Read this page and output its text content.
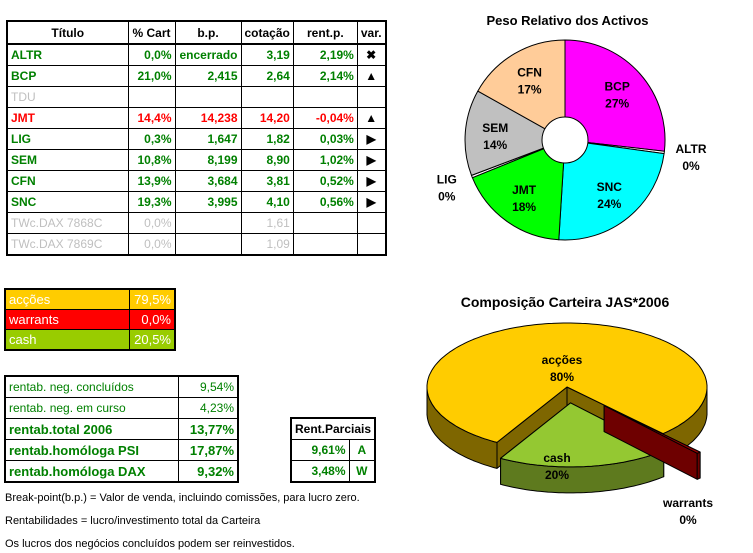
Título	% Cart	b.p.	cotação	rent.p.	var.
ALTR	0,0%	encerrado	3,19	2,19%	✖
BCP	21,0%	2,415	2,64	2,14%	▲
TDU					
JMT	14,4%	14,238	14,20	-0,04%	▲
LIG	0,3%	1,647	1,82	0,03%	▶
SEM	10,8%	8,199	8,90	1,02%	▶
CFN	13,9%	3,684	3,81	0,52%	▶
SNC	19,3%	3,995	4,10	0,56%	▶
TWc.DAX 7868C	0,0%		1,61		
TWc.DAX 7869C	0,0%		1,09		
acções	79,5%
warrants	0,0%
cash	20,5%
rentab. neg. concluídos	9,54%
rentab. neg. em curso	4,23%
rentab.total 2006	13,77%
rentab.homóloga PSI	17,87%
rentab.homóloga DAX	9,32%
Rent.Parciais	
9,61%	A
3,48%	W
Break-point(b.p.) = Valor de venda, incluindo comissões, para lucro zero.
Rentabilidades = lucro/investimento total da Carteira
Os lucros dos negócios concluídos podem ser reinvestidos.
Peso Relativo dos Activos
BCP
27%
ALTR
0%
SNC
24%
JMT
18%
LIG
0%
SEM
14%
CFN
17%
Composição Carteira JAS*2006
acções
80%
warrants
0%
cash
20%
